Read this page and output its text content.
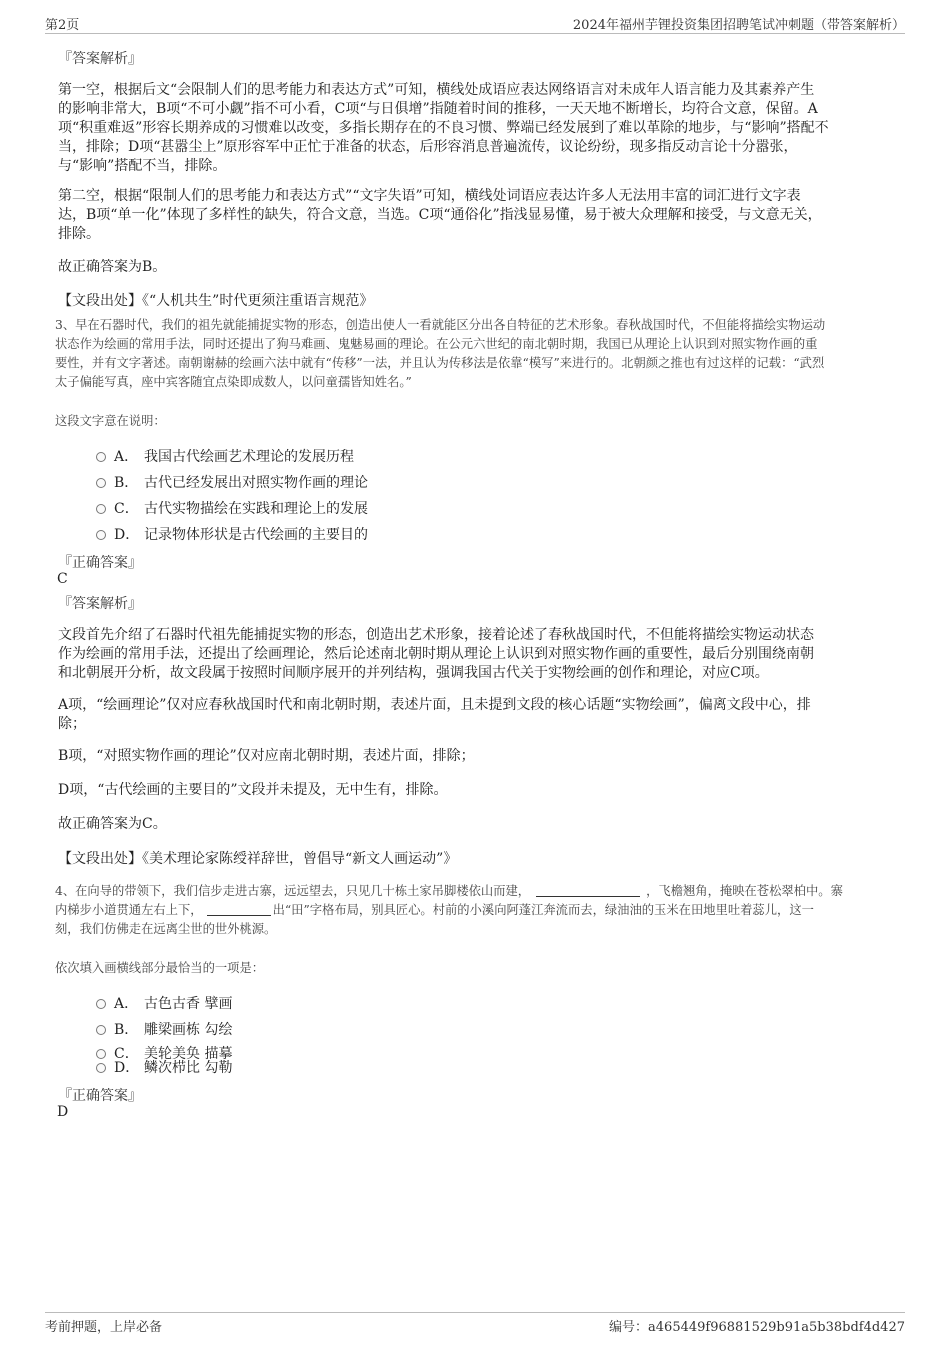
第2页	2024年福州芋锂投资集团招聘笔试冲刺题（带答案解析）
『答案解析』
第一空，根据后文“会限制人们的思考能力和表达方式”可知，横线处成语应表达网络语言对未成年人语言能力及其素养产生
的影响非常大，B项“不可小觑”指不可小看，C项“与日俱增”指随着时间的推移，一天天地不断增长，均符合文意，保留。A
项“积重难返”形容长期养成的习惯难以改变，多指长期存在的不良习惯、弊端已经发展到了难以革除的地步，与“影响”搭配不
当，排除；D项“甚嚣尘上”原形容军中正忙于准备的状态，后形容消息普遍流传，议论纷纷，现多指反动言论十分嚣张，
与“影响”搭配不当，排除。
第二空，根据“限制人们的思考能力和表达方式”“文字失语”可知，横线处词语应表达许多人无法用丰富的词汇进行文字表
达，B项“单一化”体现了多样性的缺失，符合文意，当选。C项“通俗化”指浅显易懂，易于被大众理解和接受，与文意无关，
排除。
故正确答案为B。
【文段出处】《“人机共生”时代更须注重语言规范》
3、早在石器时代，我们的祖先就能捕捉实物的形态，创造出使人一看就能区分出各自特征的艺术形象。春秋战国时代，不但能将描绘实物运动
状态作为绘画的常用手法，同时还提出了狗马难画、鬼魅易画的理论。在公元六世纪的南北朝时期，我国已从理论上认识到对照实物作画的重
要性，并有文字著述。南朝谢赫的绘画六法中就有“传移”一法，并且认为传移法是依靠“模写”来进行的。北朝颜之推也有过这样的记载：“武烈
太子偏能写真，座中宾客随宜点染即成数人，以问童孺皆知姓名。”
这段文字意在说明：
A． 我国古代绘画艺术理论的发展历程
B． 古代已经发展出对照实物作画的理论
C． 古代实物描绘在实践和理论上的发展
D． 记录物体形状是古代绘画的主要目的
『正确答案』
C
『答案解析』
文段首先介绍了石器时代祖先能捕捉实物的形态，创造出艺术形象，接着论述了春秋战国时代，不但能将描绘实物运动状态
作为绘画的常用手法，还提出了绘画理论，然后论述南北朝时期从理论上认识到对照实物作画的重要性，最后分别围绕南朝
和北朝展开分析，故文段属于按照时间顺序展开的并列结构，强调我国古代关于实物绘画的创作和理论，对应C项。
A项，“绘画理论”仅对应春秋战国时代和南北朝时期，表述片面，且未提到文段的核心话题“实物绘画”，偏离文段中心，排
除；
B项，“对照实物作画的理论”仅对应南北朝时期，表述片面，排除；
D项，“古代绘画的主要目的”文段并未提及，无中生有，排除。
故正确答案为C。
【文段出处】《美术理论家陈绶祥辞世，曾倡导“新文人画运动”》
4、在向导的带领下，我们信步走进古寨，远远望去，只见几十栋土家吊脚楼依山而建，	，飞檐翘角，掩映在苍松翠柏中。寨
内梯步小道贯通左右上下，	出“田”字格布局，别具匠心。村前的小溪向阿蓬江奔流而去，绿油油的玉米在田地里吐着蕊儿，这一
刻，我们仿佛走在远离尘世的世外桃源。
依次填入画横线部分最恰当的一项是：
A． 古色古香 擘画
B． 雕梁画栋 勾绘
C． 美轮美奂 描摹
D． 鳞次栉比 勾勒
『正确答案』
D
考前押题，上岸必备	编号：a465449f96881529b91a5b38bdf4d427
